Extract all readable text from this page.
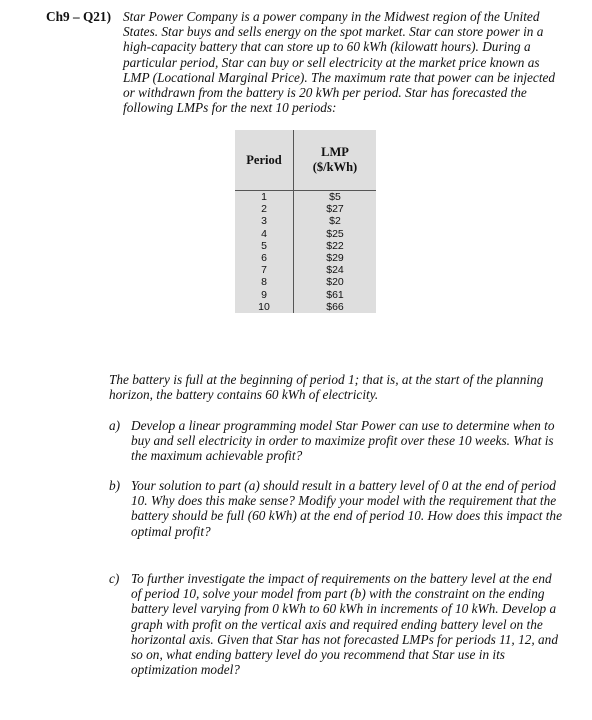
Ch9 – Q21) Star Power Company is a power company in the Midwest region of the United
States. Star buys and sells energy on the spot market. Star can store power in a
high-capacity battery that can store up to 60 kWh (kilowatt hours). During a
particular period, Star can buy or sell electricity at the market price known as
LMP (Locational Marginal Price). The maximum rate that power can be injected
or withdrawn from the battery is 20 kWh per period. Star has forecasted the
following LMPs for the next 10 periods:
Period	LMP
($/kWh)

1	$5
2	$27
3	$2
4	$25
5	$22
6	$29
7	$24
8	$20
9	$61
10	$66
The battery is full at the beginning of period 1; that is, at the start of the planning
horizon, the battery contains 60 kWh of electricity.
a) Develop a linear programming model Star Power can use to determine when to
buy and sell electricity in order to maximize profit over these 10 weeks. What is
the maximum achievable profit?
b) Your solution to part (a) should result in a battery level of 0 at the end of period
10. Why does this make sense? Modify your model with the requirement that the
battery should be full (60 kWh) at the end of period 10. How does this impact the
optimal profit?
c) To further investigate the impact of requirements on the battery level at the end
of period 10, solve your model from part (b) with the constraint on the ending
battery level varying from 0 kWh to 60 kWh in increments of 10 kWh. Develop a
graph with profit on the vertical axis and required ending battery level on the
horizontal axis. Given that Star has not forecasted LMPs for periods 11, 12, and
so on, what ending battery level do you recommend that Star use in its
optimization model?
